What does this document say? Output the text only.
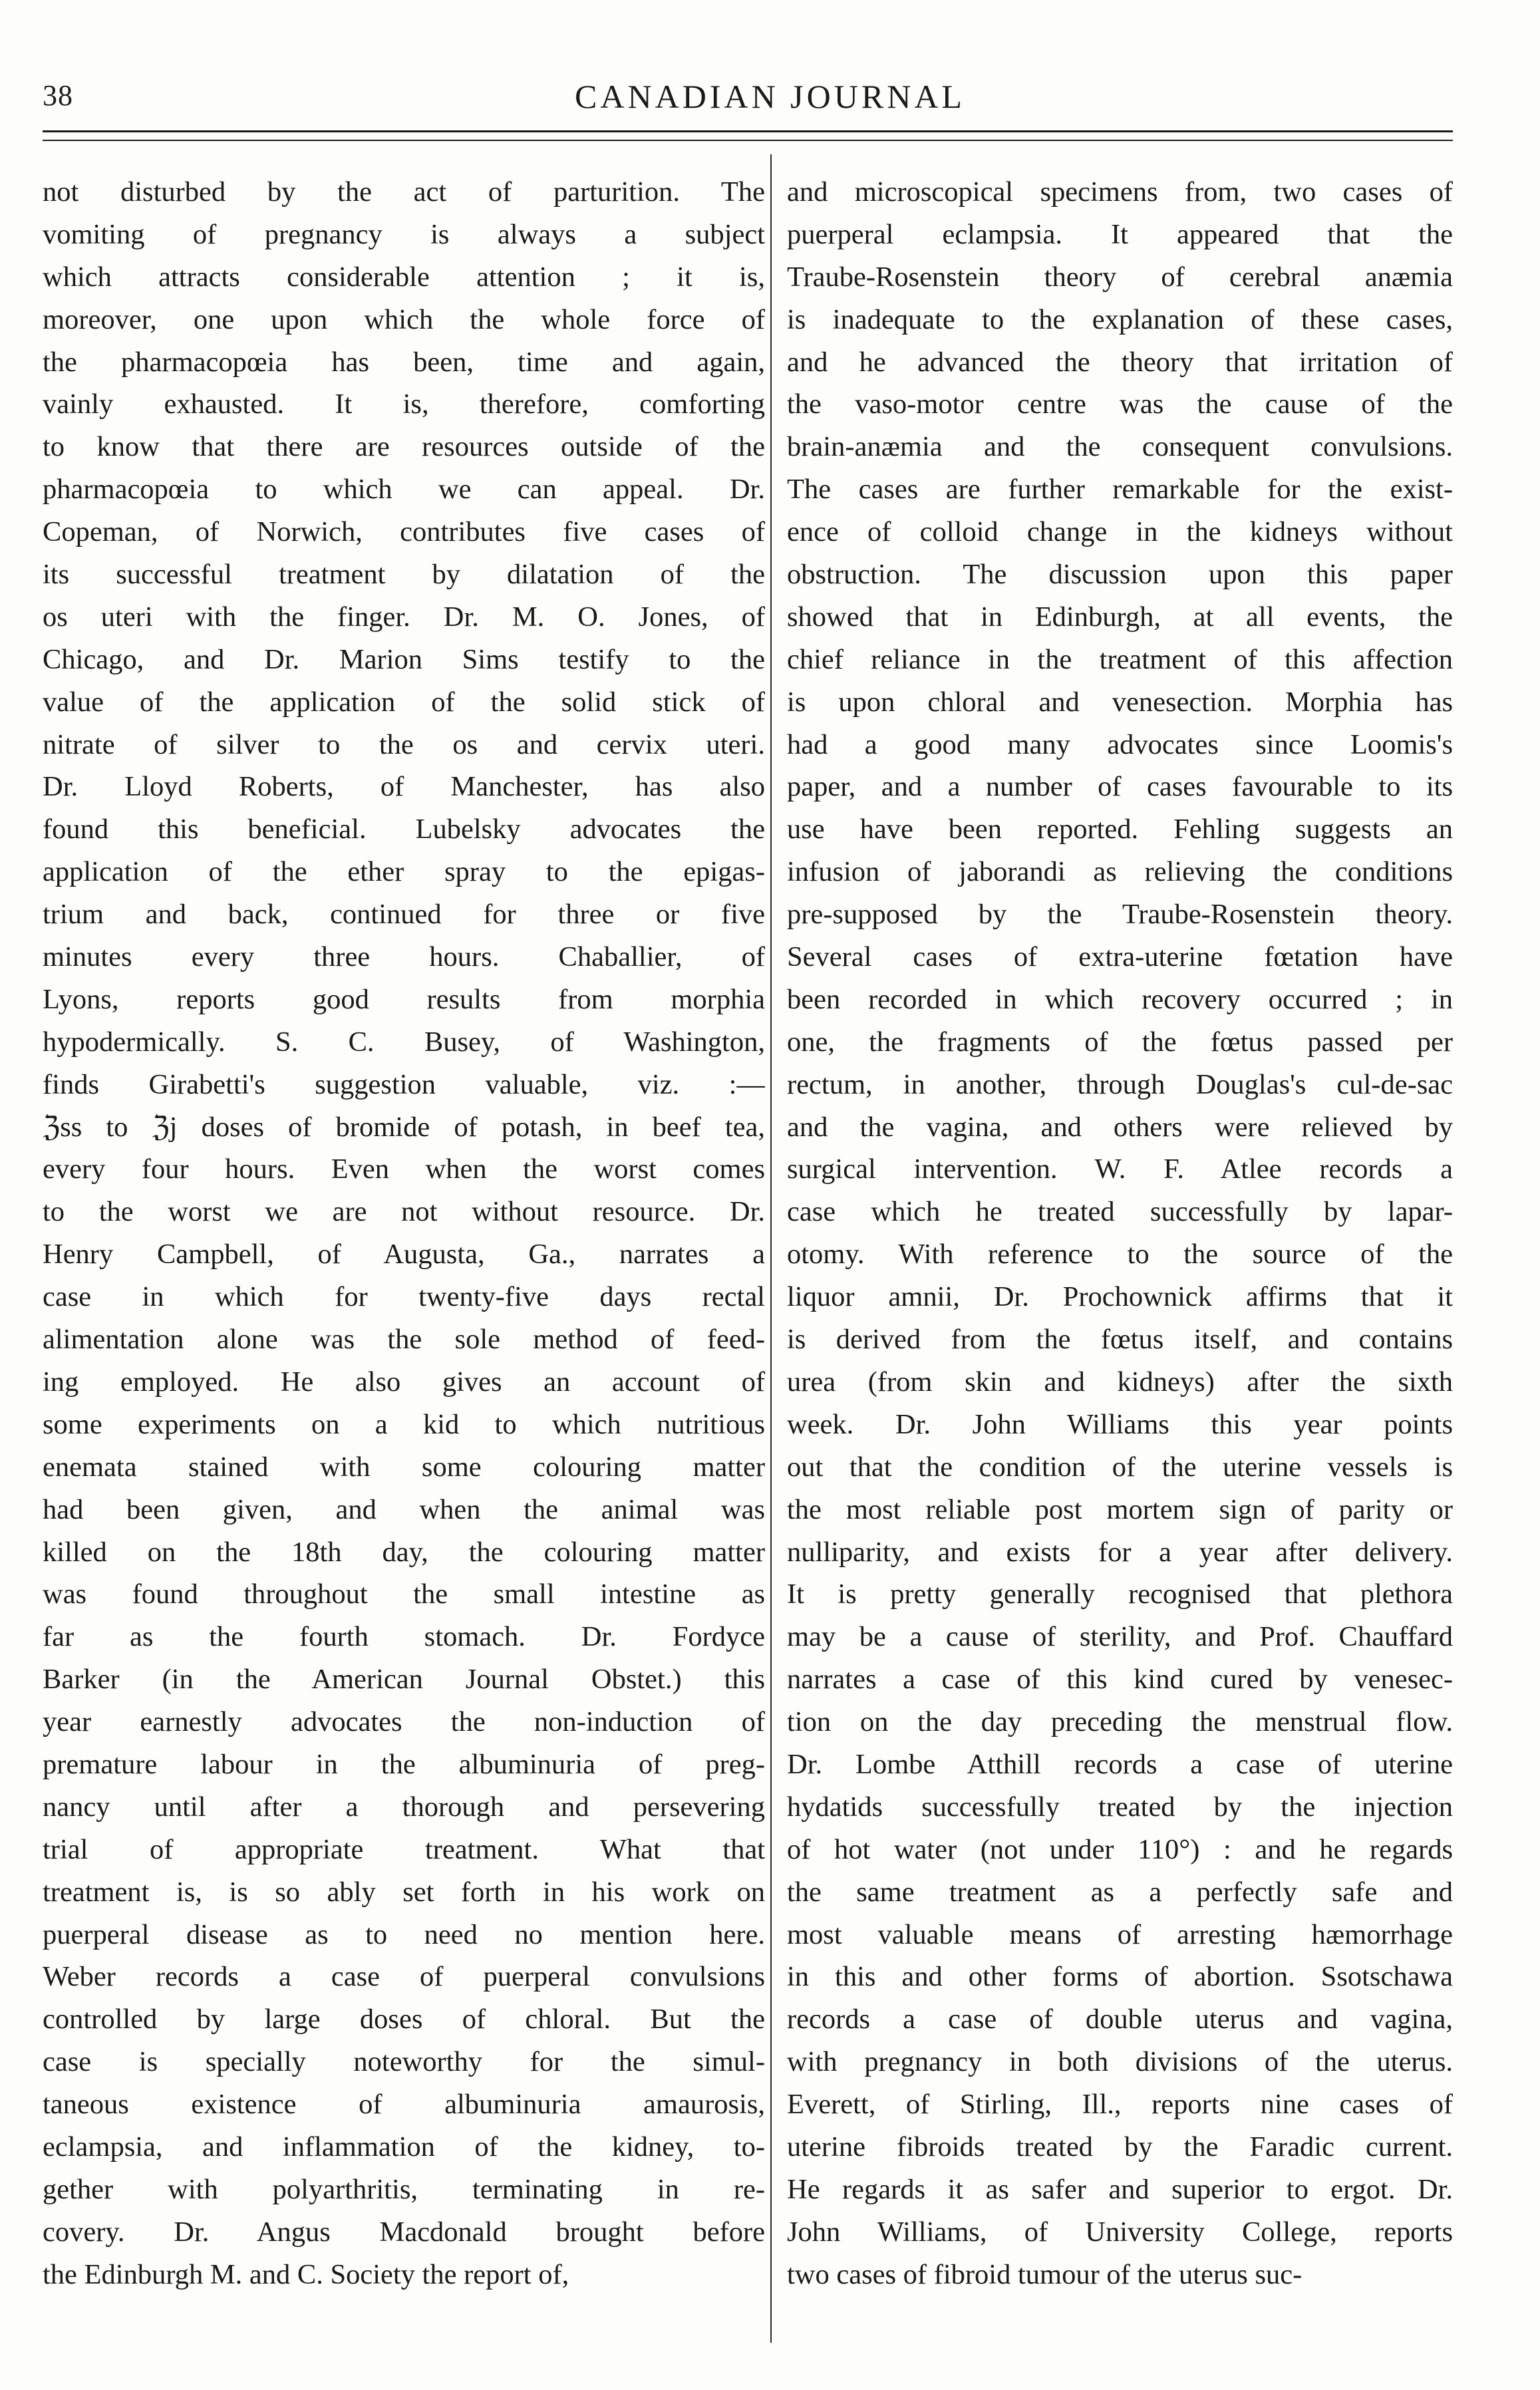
38	CANADIAN JOURNAL
not disturbed by the act of parturition. The
vomiting of pregnancy is always a subject
which attracts considerable attention ; it is,
moreover, one upon which the whole force of
the pharmacopœia has been, time and again,
vainly exhausted. It is, therefore, comforting
to know that there are resources outside of the
pharmacopœia to which we can appeal. Dr.
Copeman, of Norwich, contributes five cases of
its successful treatment by dilatation of the
os uteri with the finger. Dr. M. O. Jones, of
Chicago, and Dr. Marion Sims testify to the
value of the application of the solid stick of
nitrate of silver to the os and cervix uteri.
Dr. Lloyd Roberts, of Manchester, has also
found this beneficial. Lubelsky advocates the
application of the ether spray to the epigas-
trium and back, continued for three or five
minutes every three hours. Chaballier, of
Lyons, reports good results from morphia
hypodermically. S. C. Busey, of Washington,
finds Girabetti's suggestion valuable, viz. :—
ℨss to ℨj doses of bromide of potash, in beef tea,
every four hours. Even when the worst comes
to the worst we are not without resource. Dr.
Henry Campbell, of Augusta, Ga., narrates a
case in which for twenty-five days rectal
alimentation alone was the sole method of feed-
ing employed. He also gives an account of
some experiments on a kid to which nutritious
enemata stained with some colouring matter
had been given, and when the animal was
killed on the 18th day, the colouring matter
was found throughout the small intestine as
far as the fourth stomach. Dr. Fordyce
Barker (in the American Journal Obstet.) this
year earnestly advocates the non-induction of
premature labour in the albuminuria of preg-
nancy until after a thorough and persevering
trial of appropriate treatment. What that
treatment is, is so ably set forth in his work on
puerperal disease as to need no mention here.
Weber records a case of puerperal convulsions
controlled by large doses of chloral. But the
case is specially noteworthy for the simul-
taneous existence of albuminuria amaurosis,
eclampsia, and inflammation of the kidney, to-
gether with polyarthritis, terminating in re-
covery. Dr. Angus Macdonald brought before
the Edinburgh M. and C. Society the report of,
and microscopical specimens from, two cases of
puerperal eclampsia. It appeared that the
Traube-Rosenstein theory of cerebral anæmia
is inadequate to the explanation of these cases,
and he advanced the theory that irritation of
the vaso-motor centre was the cause of the
brain-anæmia and the consequent convulsions.
The cases are further remarkable for the exist-
ence of colloid change in the kidneys without
obstruction. The discussion upon this paper
showed that in Edinburgh, at all events, the
chief reliance in the treatment of this affection
is upon chloral and venesection. Morphia has
had a good many advocates since Loomis's
paper, and a number of cases favourable to its
use have been reported. Fehling suggests an
infusion of jaborandi as relieving the conditions
pre-supposed by the Traube-Rosenstein theory.
Several cases of extra-uterine fœtation have
been recorded in which recovery occurred ; in
one, the fragments of the fœtus passed per
rectum, in another, through Douglas's cul-de-sac
and the vagina, and others were relieved by
surgical intervention. W. F. Atlee records a
case which he treated successfully by lapar-
otomy. With reference to the source of the
liquor amnii, Dr. Prochownick affirms that it
is derived from the fœtus itself, and contains
urea (from skin and kidneys) after the sixth
week. Dr. John Williams this year points
out that the condition of the uterine vessels is
the most reliable post mortem sign of parity or
nulliparity, and exists for a year after delivery.
It is pretty generally recognised that plethora
may be a cause of sterility, and Prof. Chauffard
narrates a case of this kind cured by venesec-
tion on the day preceding the menstrual flow.
Dr. Lombe Atthill records a case of uterine
hydatids successfully treated by the injection
of hot water (not under 110°) : and he regards
the same treatment as a perfectly safe and
most valuable means of arresting hæmorrhage
in this and other forms of abortion. Ssotschawa
records a case of double uterus and vagina,
with pregnancy in both divisions of the uterus.
Everett, of Stirling, Ill., reports nine cases of
uterine fibroids treated by the Faradic current.
He regards it as safer and superior to ergot. Dr.
John Williams, of University College, reports
two cases of fibroid tumour of the uterus suc-
